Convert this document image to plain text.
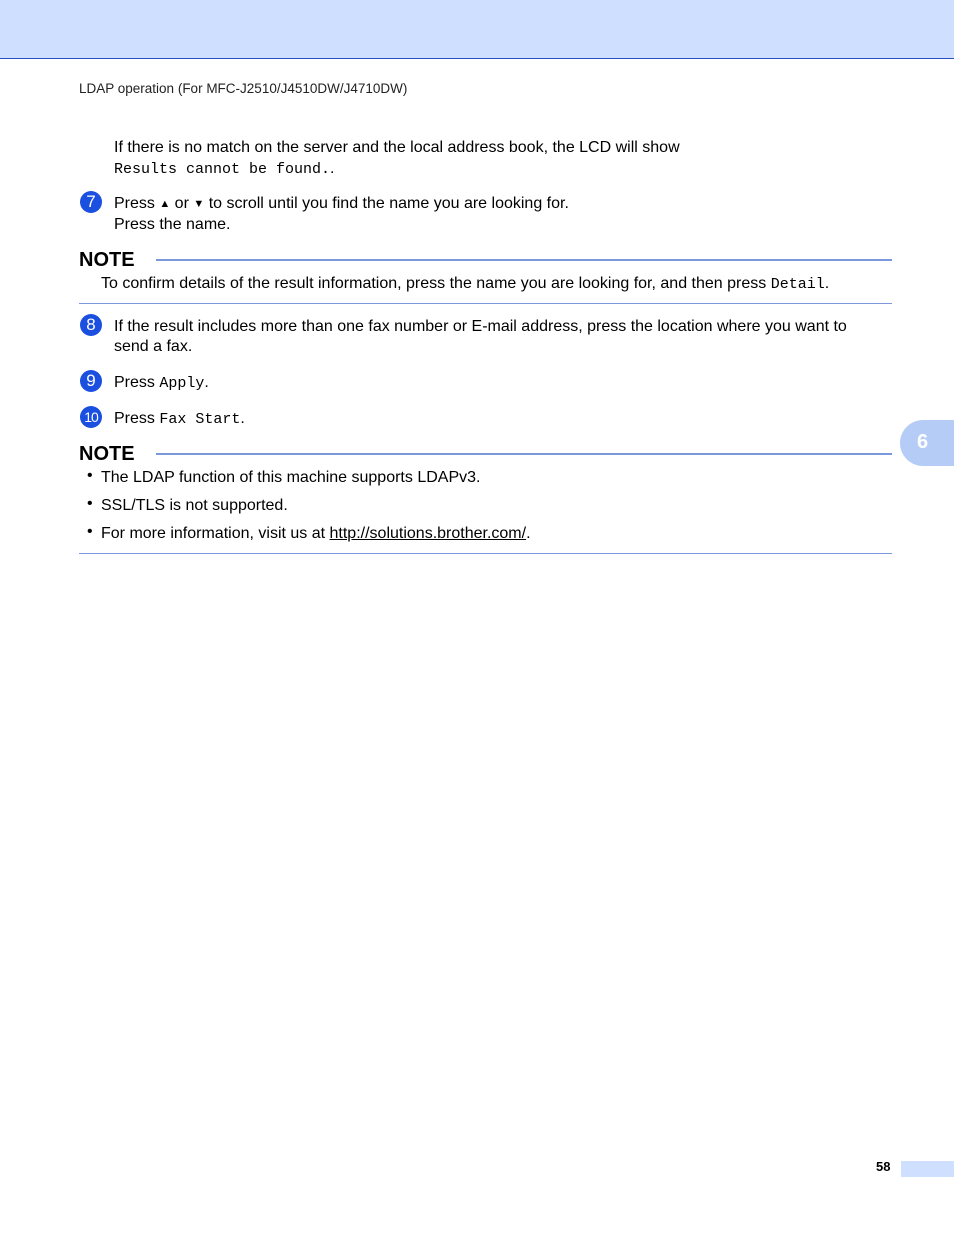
LDAP operation (For MFC-J2510/J4510DW/J4710DW)
If there is no match on the server and the local address book, the LCD will show
Results cannot be found..
7	Press ▲ or ▼ to scroll until you find the name you are looking for.
Press the name.
NOTE
To confirm details of the result information, press the name you are looking for, and then press Detail.
8	If the result includes more than one fax number or E-mail address, press the location where you want to
send a fax.
9	Press Apply.
10 Press Fax Start.
NOTE
• The LDAP function of this machine supports LDAPv3.
• SSL/TLS is not supported.
• For more information, visit us at http://solutions.brother.com/.
6
58
